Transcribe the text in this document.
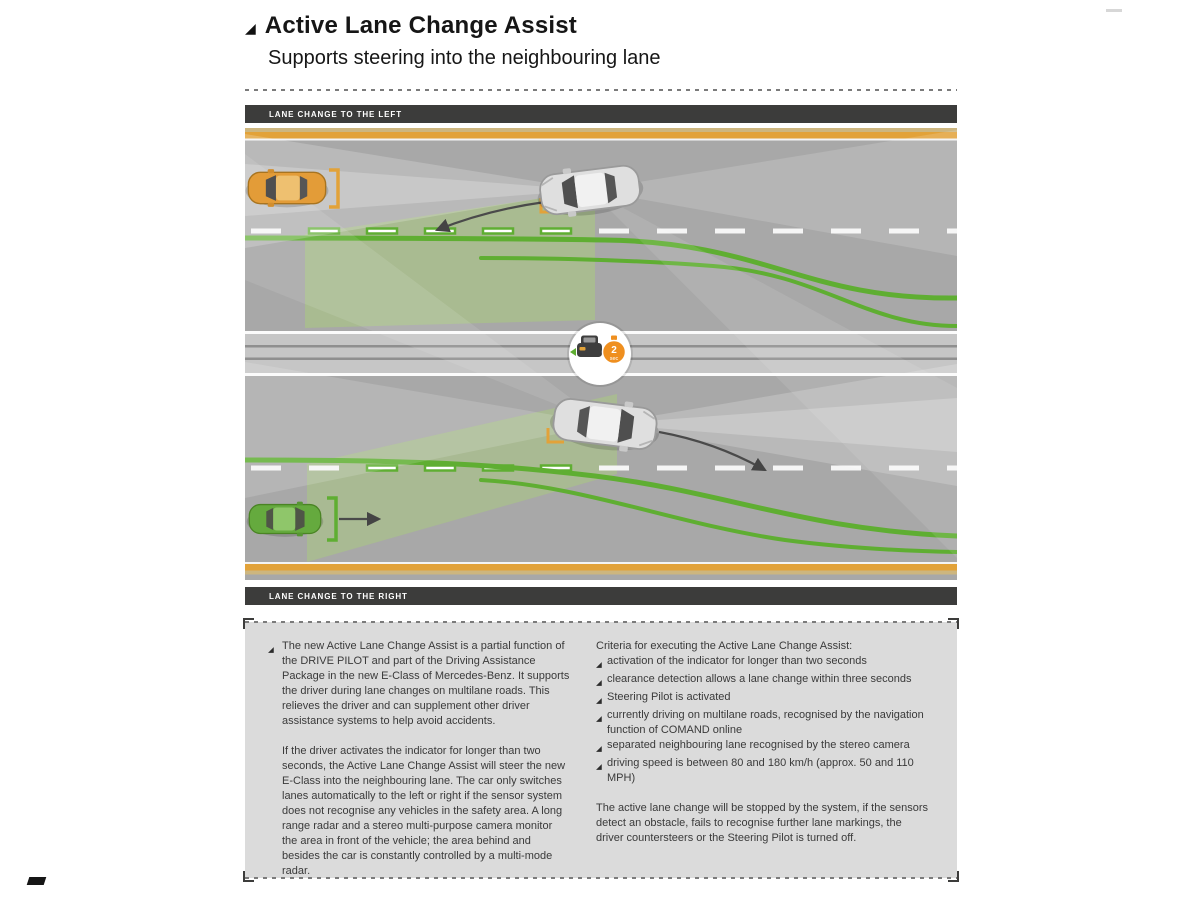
◢ Active Lane Change Assist

Supports steering into the neighbouring lane

LANE CHANGE TO THE LEFT
2
sec
LANE CHANGE TO THE RIGHT
◢ The new Active Lane Change Assist is a partial function of the DRIVE PILOT and part of the Driving Assistance Package in the new E-Class of Mercedes-Benz. It supports the driver during lane changes on multilane roads. This relieves the driver and can supplement other driver assistance systems to help avoid accidents.

If the driver activates the indicator for longer than two seconds, the Active Lane Change Assist will steer the new E-Class into the neighbouring lane. The car only switches lanes automatically to the left or right if the sensor system does not recognise any vehicles in the safety area. A long range radar and a stereo multi-purpose camera monitor the area in front of the vehicle; the area behind and besides the car is constantly controlled by a multi-mode radar.

Criteria for executing the Active Lane Change Assist:

◢ activation of the indicator for longer than two seconds
◢ clearance detection allows a lane change within three seconds
◢ Steering Pilot is activated
◢ currently driving on multilane roads, recognised by the navigation function of COMAND online
◢ separated neighbouring lane recognised by the stereo camera
◢ driving speed is between 80 and 180 km/h (approx. 50 and 110 MPH)

The active lane change will be stopped by the system, if the sensors detect an obstacle, fails to recognise further lane markings, the driver countersteers or the Steering Pilot is turned off.
